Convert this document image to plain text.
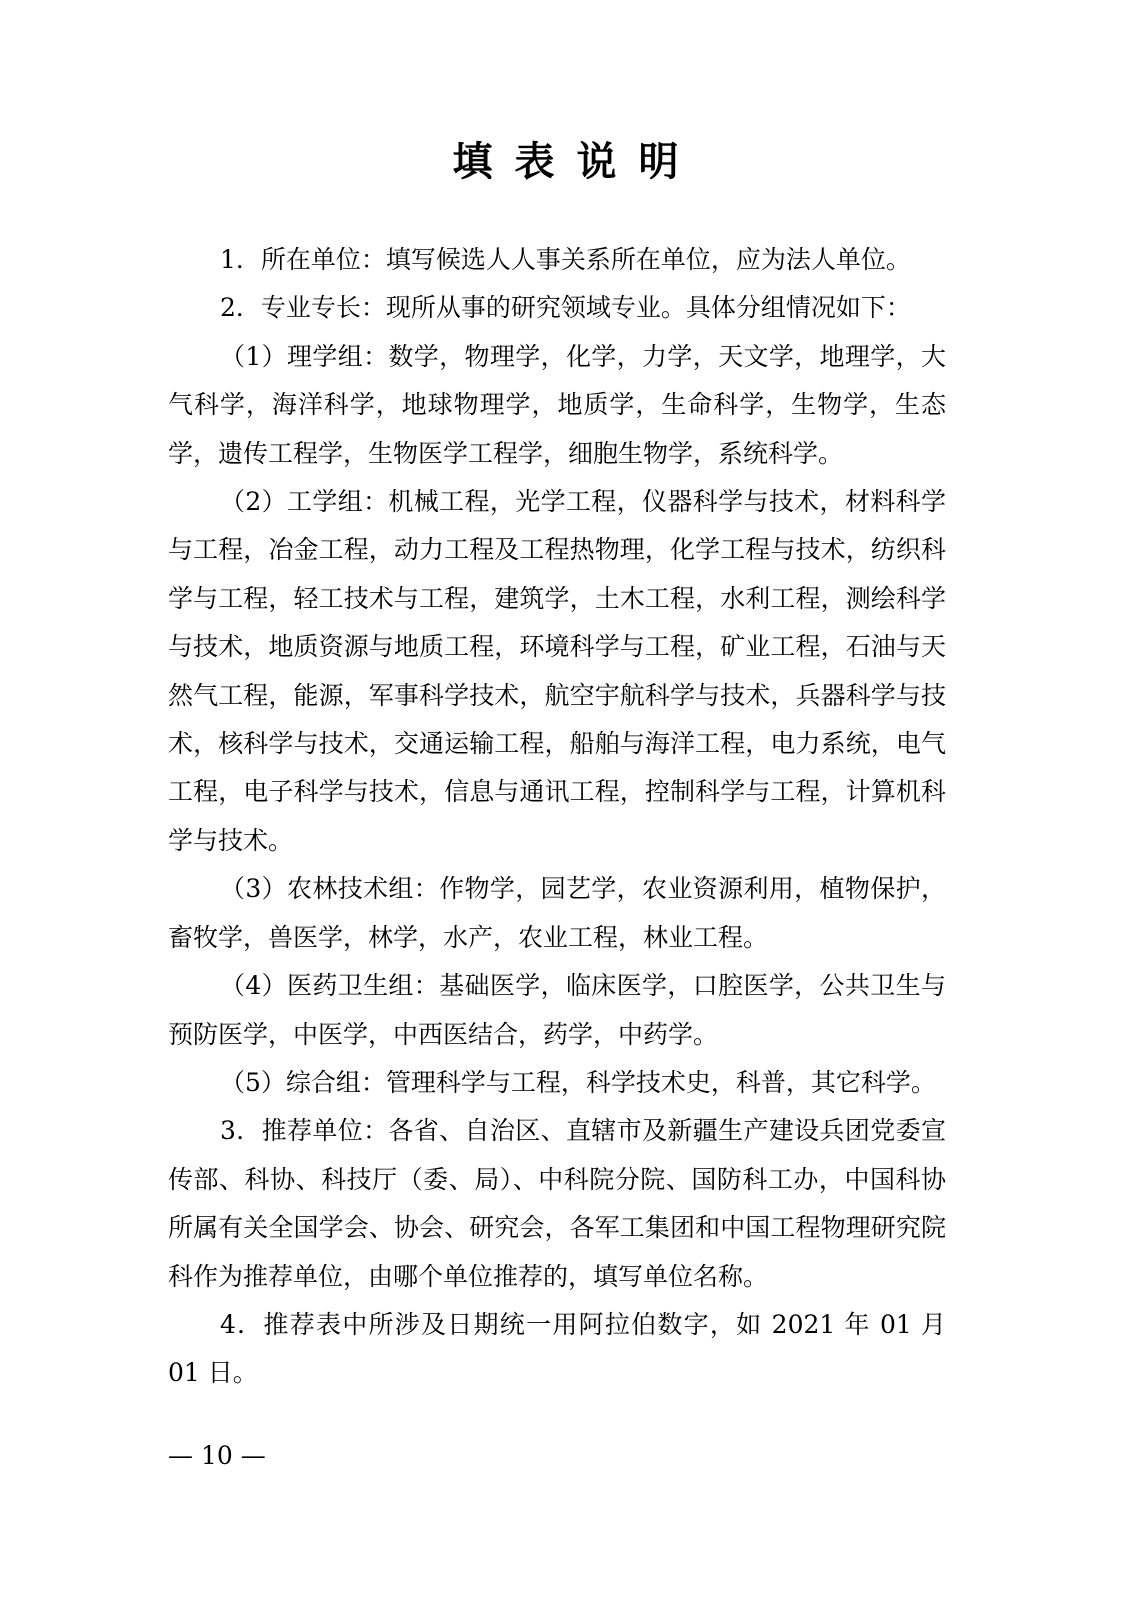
填表说明

1．所在单位：填写候选人人事关系所在单位，应为法人单位。

2．专业专长：现所从事的研究领域专业。具体分组情况如下：

（1）理学组：数学，物理学，化学，力学，天文学，地理学，大气科学，海洋科学，地球物理学，地质学，生命科学，生物学，生态学，遗传工程学，生物医学工程学，细胞生物学，系统科学。

（2）工学组：机械工程，光学工程，仪器科学与技术，材料科学与工程，冶金工程，动力工程及工程热物理，化学工程与技术，纺织科学与工程，轻工技术与工程，建筑学，土木工程，水利工程，测绘科学与技术，地质资源与地质工程，环境科学与工程，矿业工程，石油与天然气工程，能源，军事科学技术，航空宇航科学与技术，兵器科学与技术，核科学与技术，交通运输工程，船舶与海洋工程，电力系统，电气工程，电子科学与技术，信息与通讯工程，控制科学与工程，计算机科学与技术。

（3）农林技术组：作物学，园艺学，农业资源利用，植物保护，畜牧学，兽医学，林学，水产，农业工程，林业工程。

（4）医药卫生组：基础医学，临床医学，口腔医学，公共卫生与预防医学，中医学，中西医结合，药学，中药学。

（5）综合组：管理科学与工程，科学技术史，科普，其它科学。

3．推荐单位：各省、自治区、直辖市及新疆生产建设兵团党委宣传部、科协、科技厅（委、局）、中科院分院、国防科工办，中国科协所属有关全国学会、协会、研究会，各军工集团和中国工程物理研究院科作为推荐单位，由哪个单位推荐的，填写单位名称。

4．推荐表中所涉及日期统一用阿拉伯数字，如 2021 年 01 月 01 日。

— 10 —
